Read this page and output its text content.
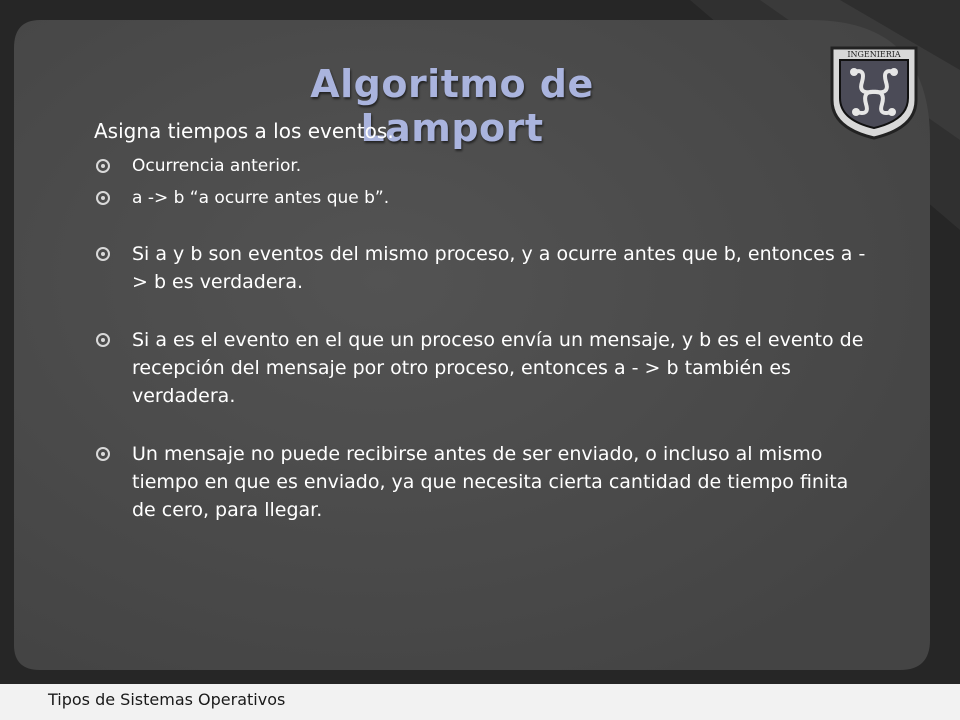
Algoritmo de Lamport
INGENIERIA

Asigna tiempos a los eventos.

Ocurrencia anterior.
a -> b “a ocurre antes que b”.
Si a y b son eventos del mismo proceso, y a ocurre antes que b, entonces a -> b es verdadera.
Si a es el evento en el que un proceso envía un mensaje, y b es el evento de recepción del mensaje por otro proceso, entonces a - > b también es verdadera.
Un mensaje no puede recibirse antes de ser enviado, o incluso al mismo tiempo en que es enviado, ya que necesita cierta cantidad de tiempo finita de cero, para llegar.

Tipos de Sistemas Operativos
